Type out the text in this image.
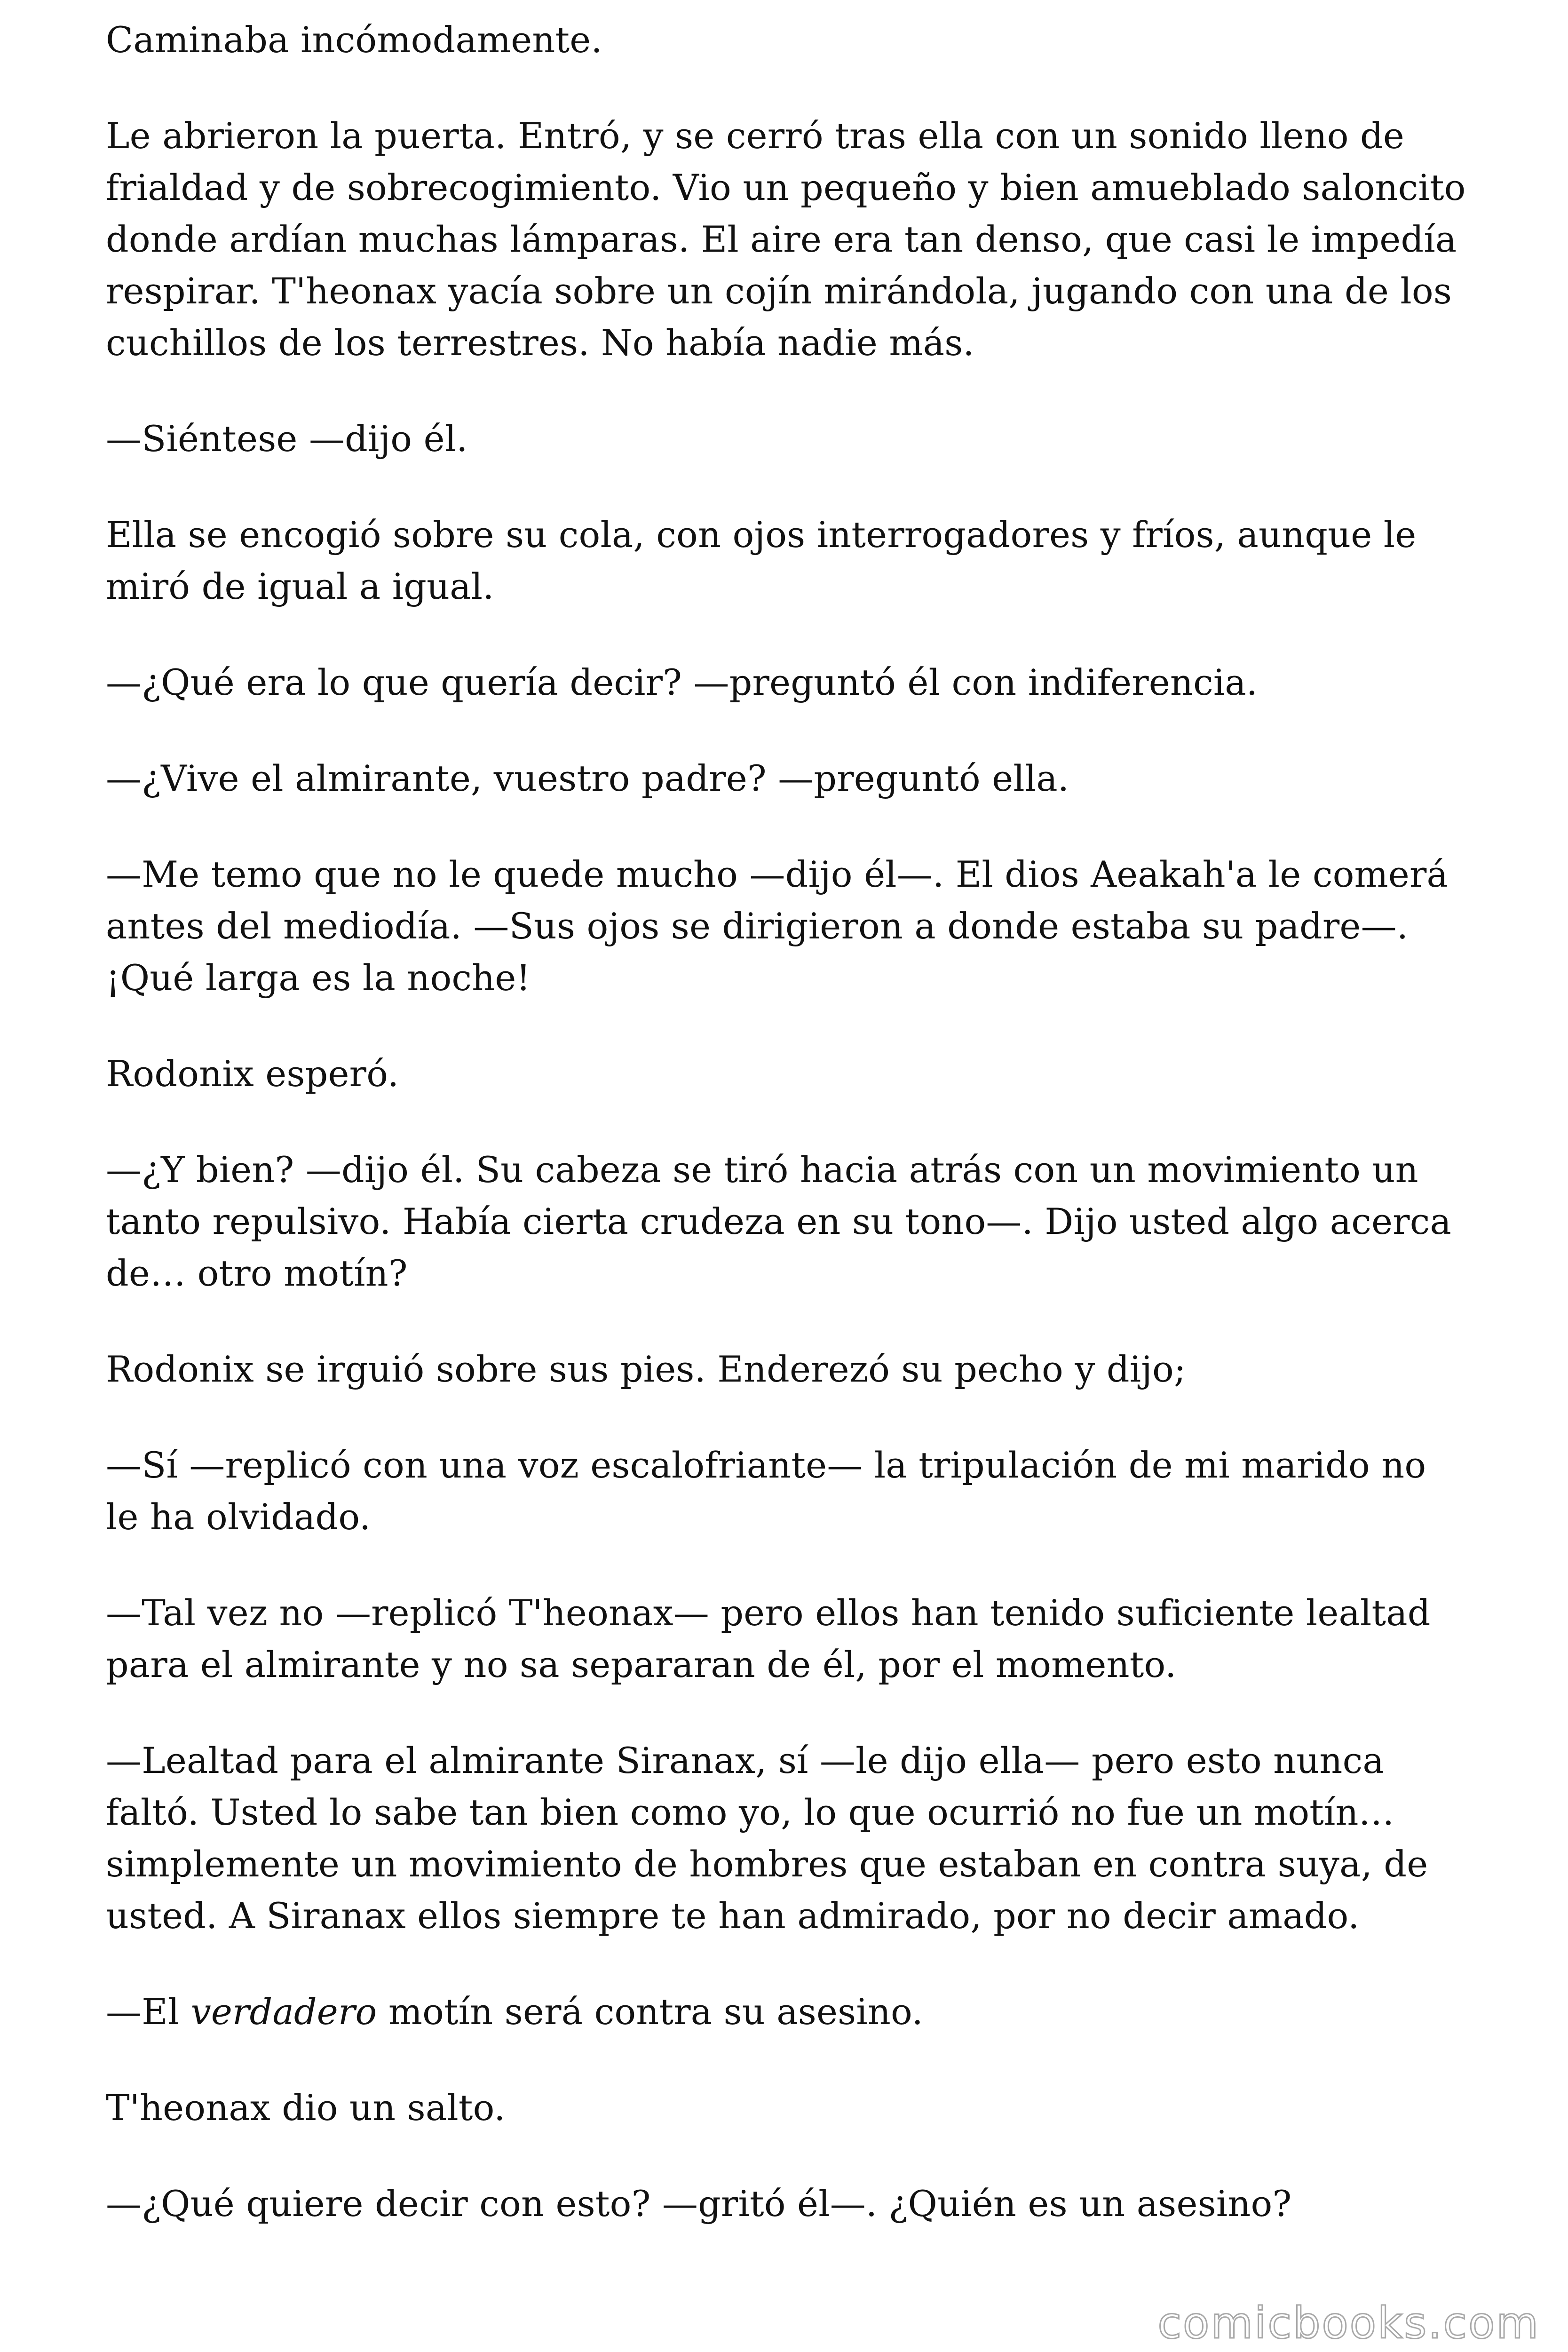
Caminaba incómodamente.

Le abrieron la puerta. Entró, y se cerró tras ella con un sonido lleno de frialdad y de sobrecogimiento. Vio un pequeño y bien amueblado saloncito donde ardían muchas lámparas. El aire era tan denso, que casi le impedía respirar. T'heonax yacía sobre un cojín mirándola, jugando con una de los cuchillos de los terrestres. No había nadie más.

—Siéntese —dijo él.

Ella se encogió sobre su cola, con ojos interrogadores y fríos, aunque le miró de igual a igual.

—¿Qué era lo que quería decir? —preguntó él con indiferencia.

—¿Vive el almirante, vuestro padre? —preguntó ella.

—Me temo que no le quede mucho —dijo él—. El dios Aeakah'a le comerá antes del mediodía. —Sus ojos se dirigieron a donde estaba su padre—. ¡Qué larga es la noche!

Rodonix esperó.

—¿Y bien? —dijo él. Su cabeza se tiró hacia atrás con un movimiento un tanto repulsivo. Había cierta crudeza en su tono—. Dijo usted algo acerca de… otro motín?

Rodonix se irguió sobre sus pies. Enderezó su pecho y dijo;

—Sí —replicó con una voz escalofriante— la tripulación de mi marido no le ha olvidado.

—Tal vez no —replicó T'heonax— pero ellos han tenido suficiente lealtad para el almirante y no sa separaran de él, por el momento.

—Lealtad para el almirante Siranax, sí —le dijo ella— pero esto nunca faltó. Usted lo sabe tan bien como yo, lo que ocurrió no fue un motín… simplemente un movimiento de hombres que estaban en contra suya, de usted. A Siranax ellos siempre te han admirado, por no decir amado.

—El verdadero motín será contra su asesino.

T'heonax dio un salto.

—¿Qué quiere decir con esto? —gritó él—. ¿Quién es un asesino?

comicbooks.com
